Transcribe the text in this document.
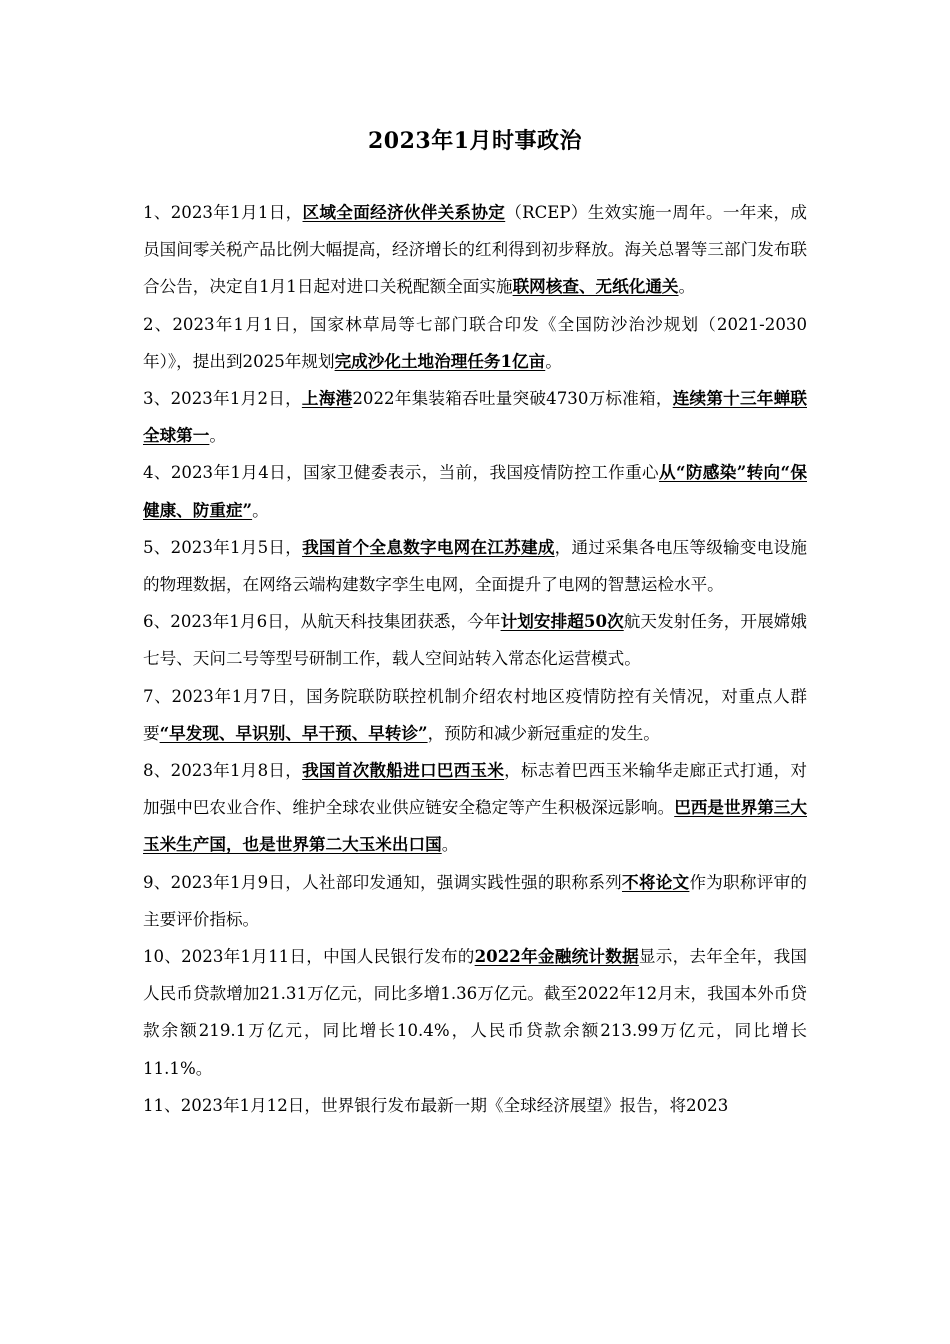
2023年1月时事政治

1、2023年1月1日，区域全面经济伙伴关系协定（RCEP）生效实施一周年。一年来，成员国间零关税产品比例大幅提高，经济增长的红利得到初步释放。海关总署等三部门发布联合公告，决定自1月1日起对进口关税配额全面实施联网核查、无纸化通关。

2、2023年1月1日，国家林草局等七部门联合印发《全国防沙治沙规划（2021-2030年）》，提出到2025年规划完成沙化土地治理任务1亿亩。

3、2023年1月2日，上海港2022年集装箱吞吐量突破4730万标准箱，连续第十三年蝉联全球第一。

4、2023年1月4日，国家卫健委表示，当前，我国疫情防控工作重心从“防感染”转向“保健康、防重症”。

5、2023年1月5日，我国首个全息数字电网在江苏建成，通过采集各电压等级输变电设施的物理数据，在网络云端构建数字孪生电网，全面提升了电网的智慧运检水平。

6、2023年1月6日，从航天科技集团获悉，今年计划安排超50次航天发射任务，开展嫦娥七号、天问二号等型号研制工作，载人空间站转入常态化运营模式。

7、2023年1月7日，国务院联防联控机制介绍农村地区疫情防控有关情况，对重点人群要“早发现、早识别、早干预、早转诊”，预防和减少新冠重症的发生。

8、2023年1月8日，我国首次散船进口巴西玉米，标志着巴西玉米输华走廊正式打通，对加强中巴农业合作、维护全球农业供应链安全稳定等产生积极深远影响。巴西是世界第三大玉米生产国，也是世界第二大玉米出口国。

9、2023年1月9日，人社部印发通知，强调实践性强的职称系列不将论文作为职称评审的主要评价指标。

10、2023年1月11日，中国人民银行发布的2022年金融统计数据显示，去年全年，我国人民币贷款增加21.31万亿元，同比多增1.36万亿元。截至2022年12月末，我国本外币贷款余额219.1万亿元，同比增长10.4%，人民币贷款余额213.99万亿元，同比增长11.1%。

11、2023年1月12日，世界银行发布最新一期《全球经济展望》报告，将2023
